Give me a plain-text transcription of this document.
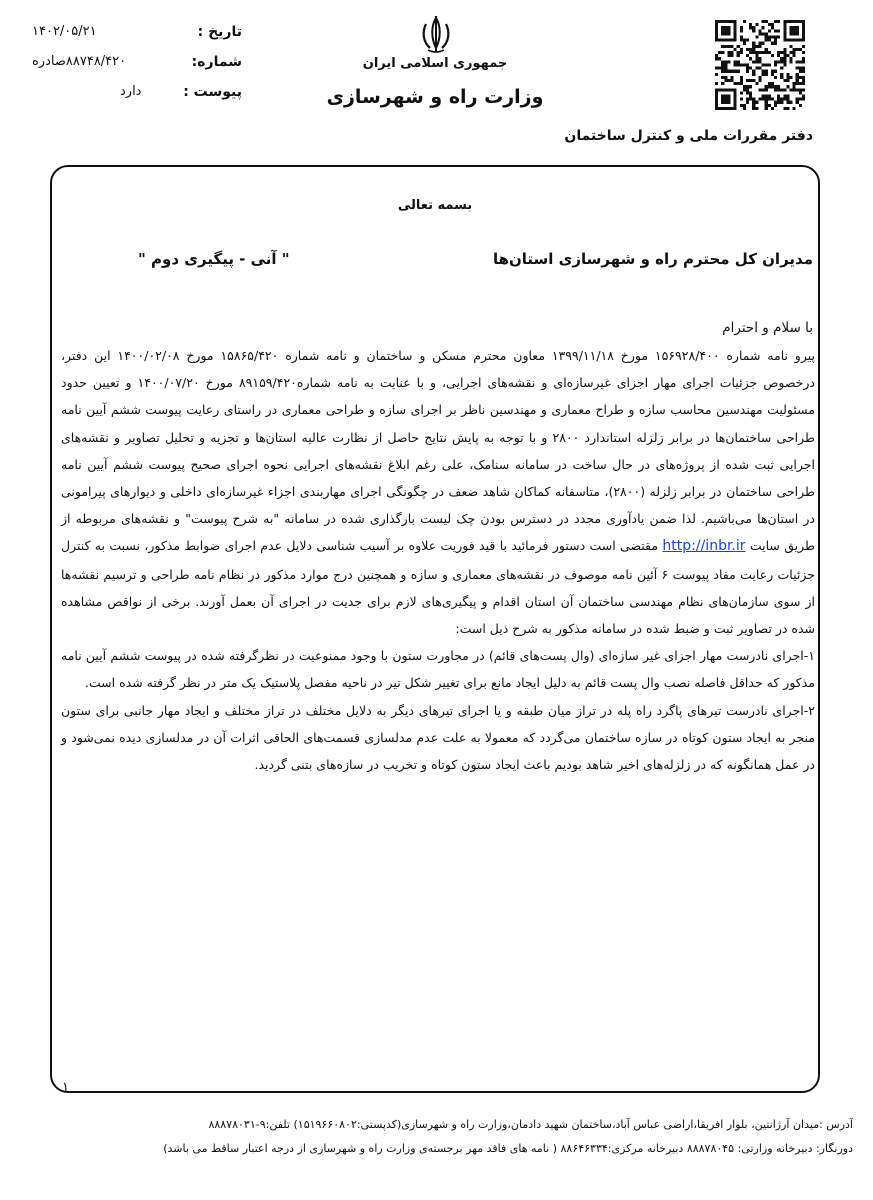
جمهوری اسلامی ایران
وزارت راه و شهرسازی
دفتر مقررات ملی و کنترل ساختمان
تاریخ :
۱۴۰۲/۰۵/۲۱
شماره:
۸۸۷۴۸/۴۲۰صادره
پیوست :
دارد
بسمه تعالی
مدیران کل محترم راه و شهرسازی استان‌ها
" آنی - پیگیری دوم "
با سلام و احترام

پیرو نامه شماره ۱۵۶۹۲۸/۴۰۰ مورخ ۱۳۹۹/۱۱/۱۸ معاون محترم مسکن و ساختمان و نامه شماره ۱۵۸۶۵/۴۲۰ مورخ ۱۴۰۰/۰۲/۰۸ این دفتر، درخصوص جزئیات اجرای مهار اجزای غیرسازه‌ای و نقشه‌های اجرایی، و با عنایت به نامه شماره۸۹۱۵۹/۴۲۰ مورخ ۱۴۰۰/۰۷/۲۰ و تعیین حدود مسئولیت مهندسین محاسب سازه و طراح معماری و مهندسین ناظر بر اجرای سازه و طراحی معماری در راستای رعایت پیوست ششم آیین نامه طراحی ساختمان‌ها در برابر زلزله استاندارد ۲۸۰۰ و با توجه به پایش نتایج حاصل از نظارت عالیه استان‌ها و تجزیه و تحلیل تصاویر و نقشه‌های اجرایی ثبت شده از پروژه‌های در حال ساخت در سامانه سنامک، علی رغم ابلاغ نقشه‌های اجرایی نحوه اجرای صحیح پیوست ششم آیین نامه طراحی ساختمان در برابر زلزله (۲۸۰۰)، متاسفانه کماکان شاهد ضعف در چگونگی اجرای مهاربندی اجزاء غیرسازه‌ای داخلی و دیوارهای پیرامونی در استان‌ها می‌باشیم. لذا ضمن یادآوری مجدد در دسترس بودن چک لیست بارگذاری شده در سامانه "به شرح پیوست" و نقشه‌های مربوطه از طریق سایت http://inbr.ir مقتضی است دستور فرمائید با قید فوریت علاوه بر آسیب شناسی دلایل عدم اجرای ضوابط مذکور، نسبت به کنترل جزئیات رعایت مفاد پیوست ۶ آئین نامه موصوف در نقشه‌های معماری و سازه و همچنین درج موارد مذکور در نظام نامه طراحی و ترسیم نقشه‌ها از سوی سازمان‌های نظام مهندسی ساختمان آن استان اقدام و پیگیری‌های لازم برای جدیت در اجرای آن بعمل آورند. برخی از نواقص مشاهده شده در تصاویر ثبت و ضبط شده در سامانه مذکور به شرح ذیل است:

۱-اجرای نادرست مهار اجزای غیر سازه‌ای (وال پست‌های قائم) در مجاورت ستون با وجود ممنوعیت در نظرگرفته شده در پیوست ششم آیین نامه مذکور که حداقل فاصله نصب وال پست قائم به دلیل ایجاد مانع برای تغییر شکل تیر در ناحیه مفصل پلاستیک یک متر در نظر گرفته شده است.

۲-اجرای نادرست تیرهای پاگرد راه پله در تراز میان طبقه و یا اجرای تیرهای دیگر به دلایل مختلف در تراز مختلف و ایجاد مهار جانبی برای ستون منجر به ایجاد ستون کوتاه در سازه ساختمان می‌گردد که معمولا به علت عدم مدلسازی قسمت‌های الحاقی اثرات آن در مدلسازی دیده نمی‌شود و در عمل همانگونه که در زلزله‌های اخیر شاهد بودیم باعث ایجاد ستون کوتاه و تخریب در سازه‌های بتنی گردید.

۱

آدرس :میدان آرژانتین، بلوار افریقا،اراضی عباس آباد،ساختمان شهید دادمان،وزارت راه و شهرسازی(کدپستی:۱۵۱۹۶۶۰۸۰۲) تلفن:۹-۸۸۸۷۸۰۳۱

دورنگار: دبیرخانه وزارتی: ۸۸۸۷۸۰۴۵ دبیرخانه مرکزی:۸۸۶۴۶۳۳۴ ( نامه های فاقد مهر برجسته‌ی وزارت راه و شهرسازی از درجه اعتبار ساقط می باشد)
